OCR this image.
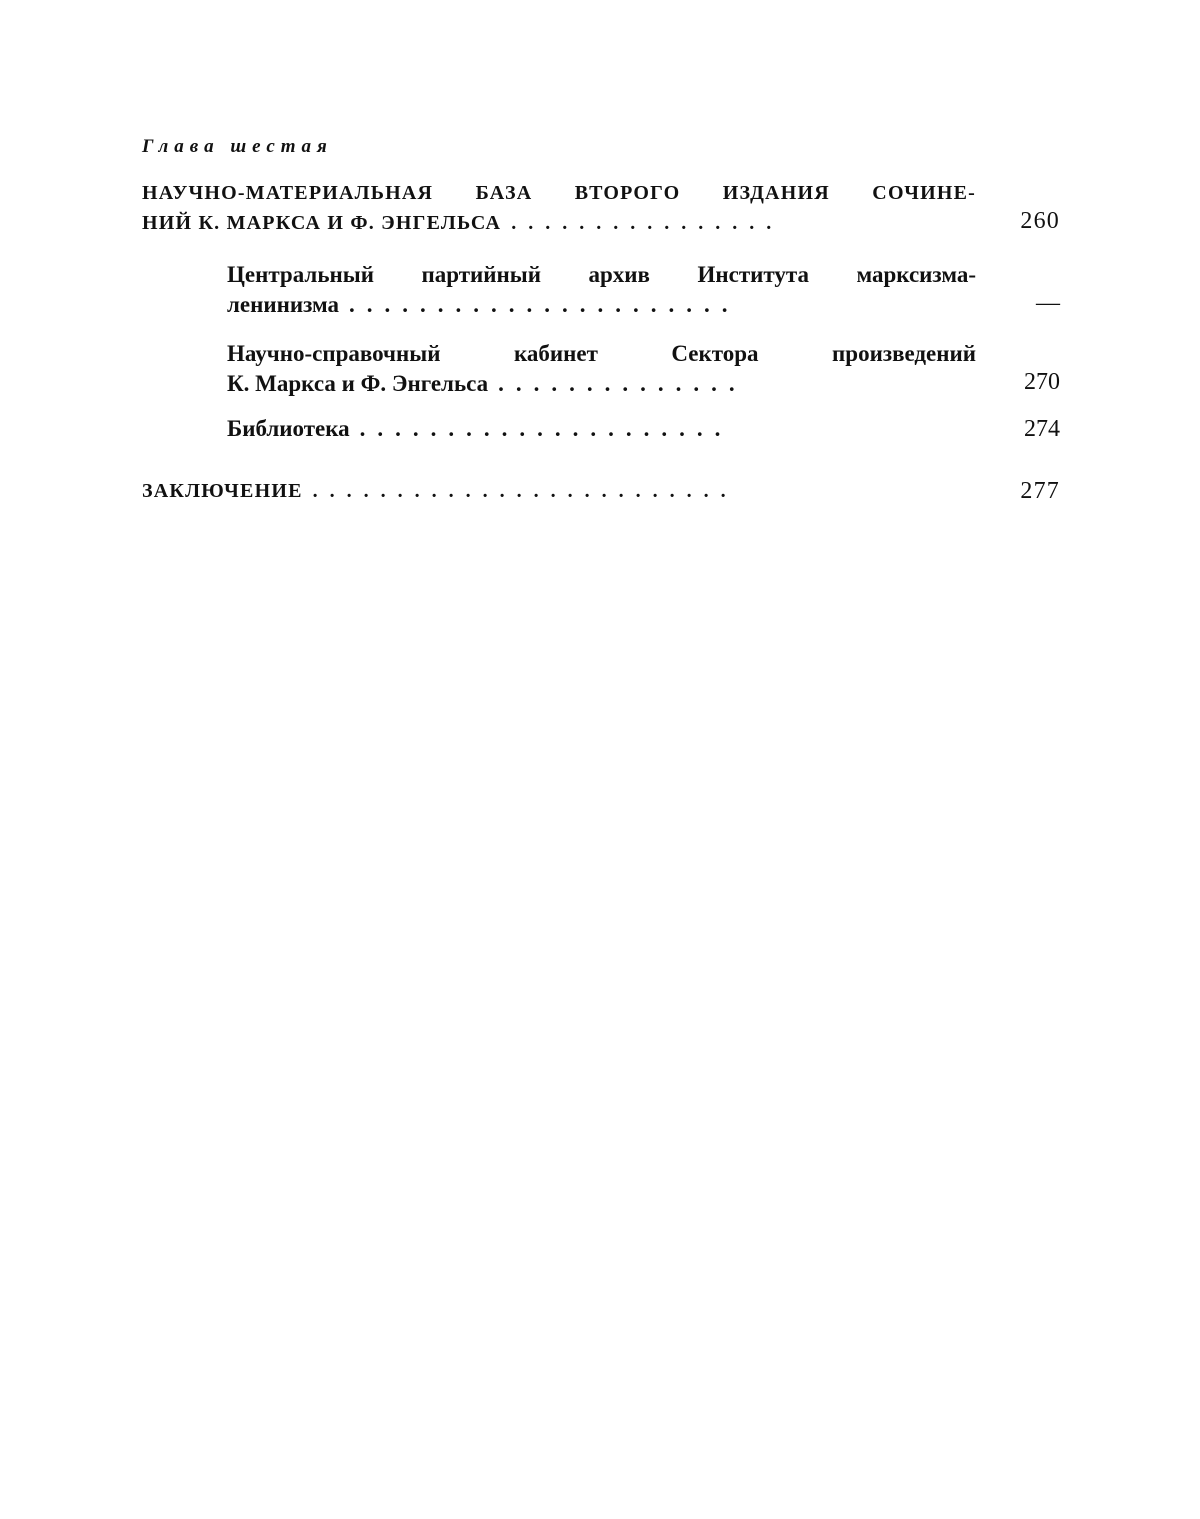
Глава шестая
НАУЧНО-МАТЕРИАЛЬНАЯ БАЗА ВТОРОГО ИЗДАНИЯ СОЧИНЕ-
НИЙ К. МАРКСА И Ф. ЭНГЕЛЬСА ................	260
Центральный партийный архив Института марксизма-
ленинизма ......................	—
Научно-справочный кабинет Сектора произведений
К. Маркса и Ф. Энгельса ..............	270
Библиотека .....................	274
ЗАКЛЮЧЕНИЕ .........................	277
